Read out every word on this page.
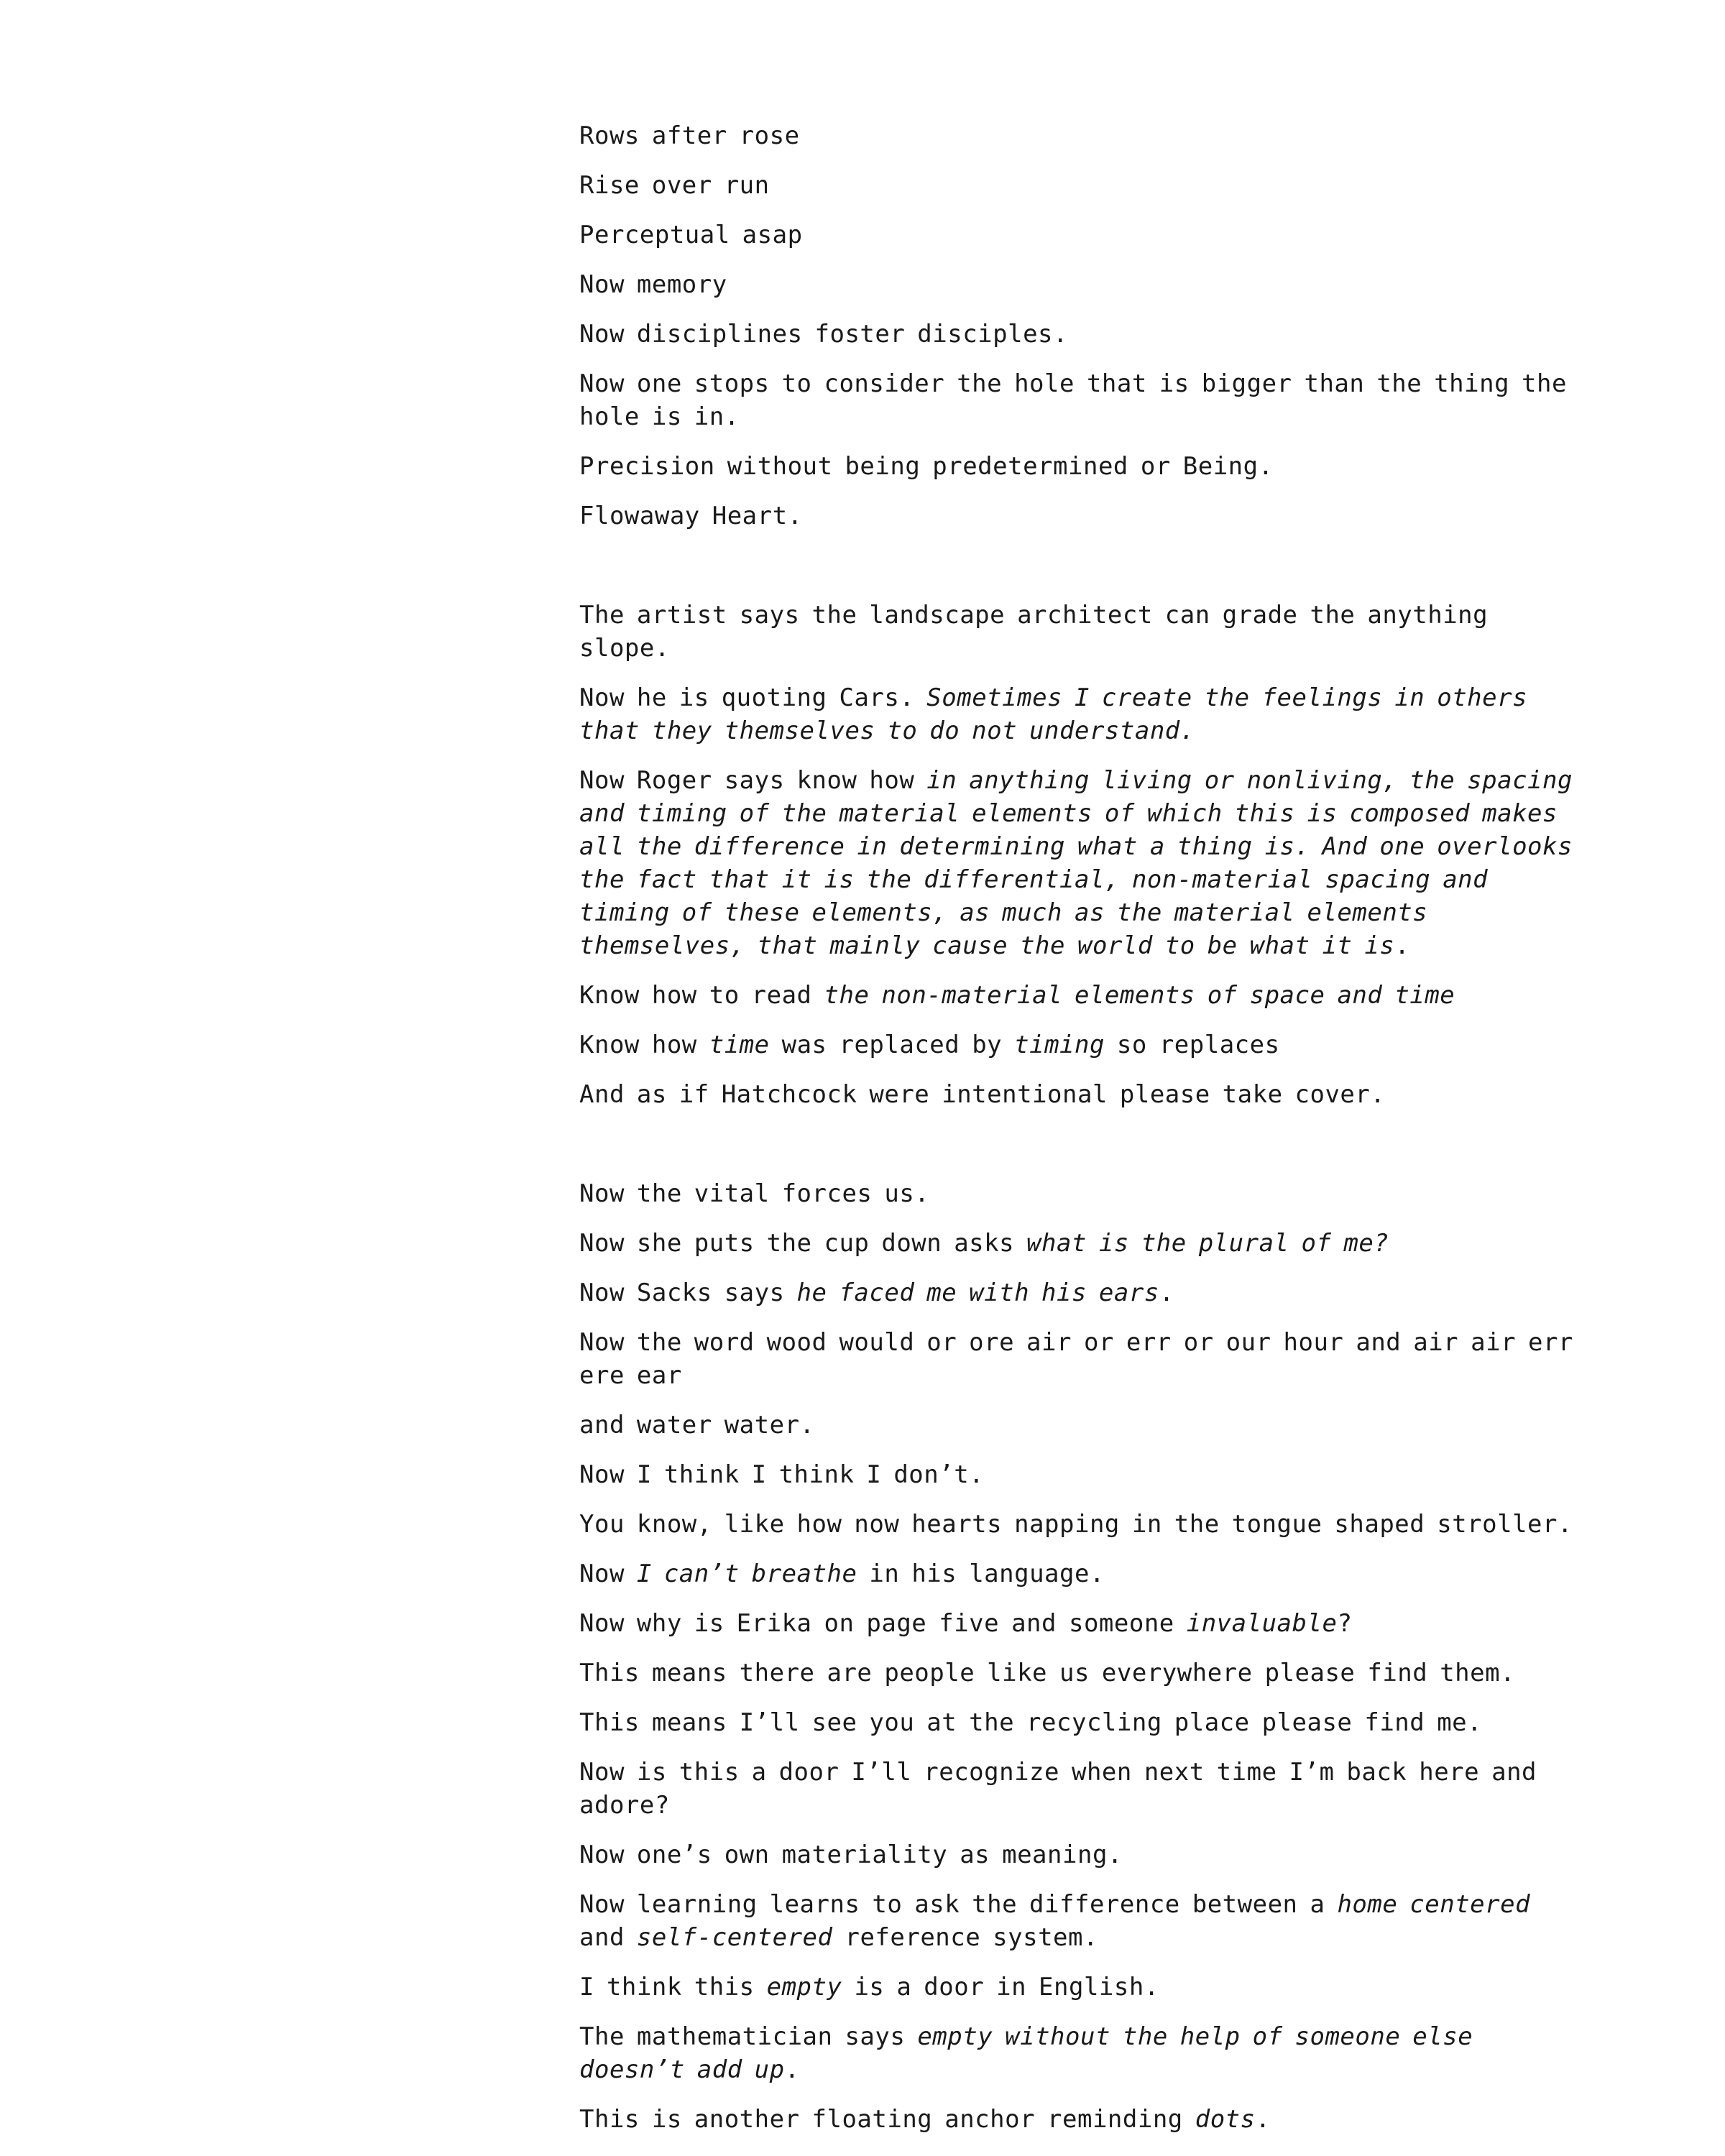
Rows after rose
Rise over run
Perceptual asap
Now memory
Now disciplines foster disciples.
Now one stops to consider the hole that is bigger than the thing the hole is in.
Precision without being predetermined or Being.
Flowaway Heart.
The artist says the landscape architect can grade the anything slope.
Now he is quoting Cars. Sometimes I create the feelings in others that they themselves to do not understand.
Now Roger says know how in anything living or nonliving, the spacing and timing of the material elements of which this is composed makes all the difference in determining what a thing is. And one overlooks the fact that it is the differential, non-material spacing and timing of these elements, as much as the material elements themselves, that mainly cause the world to be what it is.
Know how to read the non-material elements of space and time
Know how time was replaced by timing so replaces
And as if Hatchcock were intentional please take cover.
Now the vital forces us.
Now she puts the cup down asks what is the plural of me?
Now Sacks says he faced me with his ears.
Now the word wood would or ore air or err or our hour and air air err ere ear
and water water.
Now I think I think I don’t.
You know, like how now hearts napping in the tongue shaped stroller.
Now I can’t breathe in his language.
Now why is Erika on page five and someone invaluable?
This means there are people like us everywhere please find them.
This means I’ll see you at the recycling place please find me.
Now is this a door I’ll recognize when next time I’m back here and adore?
Now one’s own materiality as meaning.
Now learning learns to ask the difference between a home centered and self-centered reference system.
I think this empty is a door in English.
The mathematician says empty without the help of someone else doesn’t add up.
This is another floating anchor reminding dots.
